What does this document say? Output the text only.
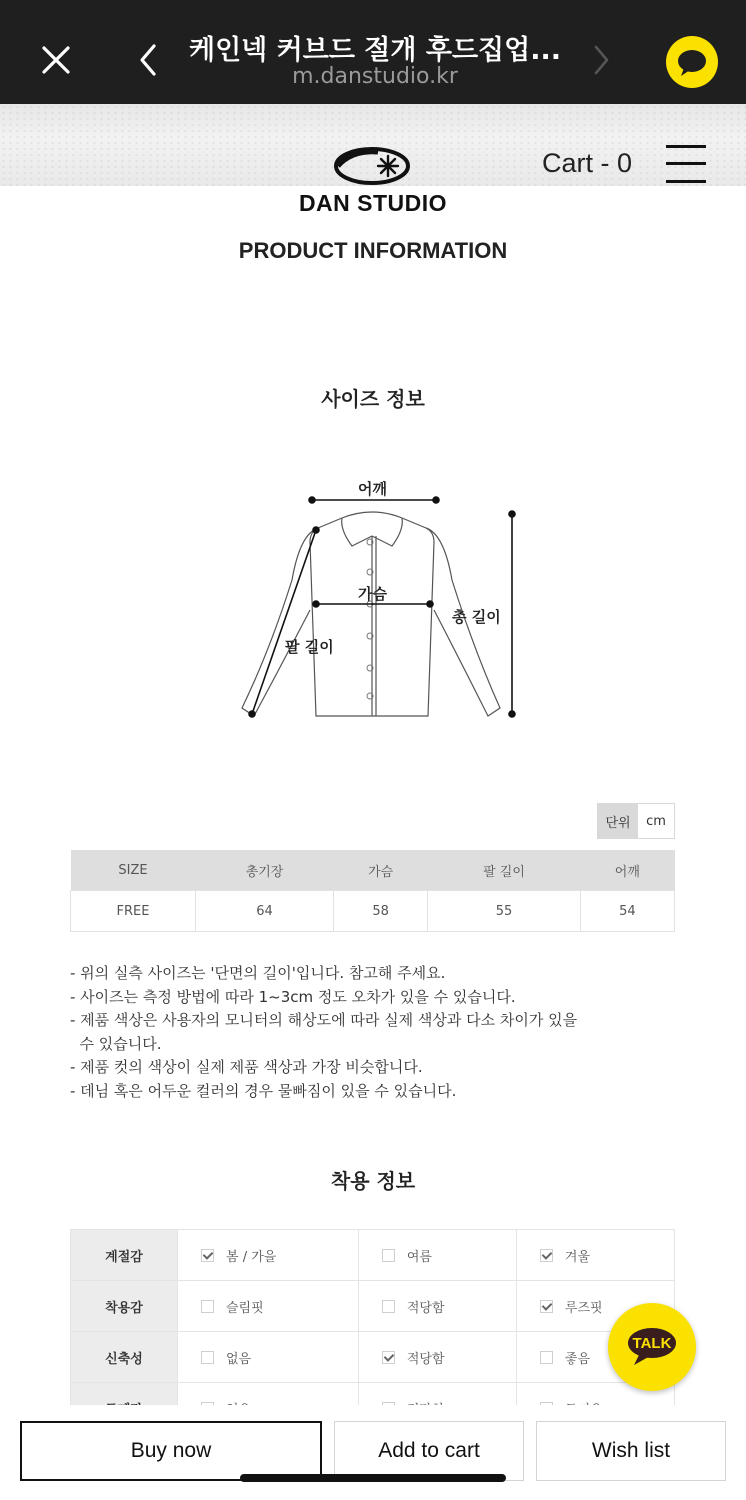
케인넥 커브드 절개 후드집업...
m.danstudio.kr
DAN STUDIO
Cart - 0
PRODUCT INFORMATION
사이즈 정보
어깨
가슴
총 길이
팔 길이
단위	cm
SIZE	총기장	가슴	팔 길이	어깨
FREE	64	58	55	54
- 위의 실측 사이즈는 '단면의 길이'입니다. 참고해 주세요.
- 사이즈는 측정 방법에 따라 1~3cm 정도 오차가 있을 수 있습니다.
- 제품 색상은 사용자의 모니터의 해상도에 따라 실제 색상과 다소 차이가 있을
수 있습니다.
- 제품 컷의 색상이 실제 제품 색상과 가장 비슷합니다.
- 데님 혹은 어두운 컬러의 경우 물빠짐이 있을 수 있습니다.
착용 정보
계절감	봄 / 가을	여름	겨울

착용감	슬림핏	적당함	루즈핏

신축성	없음	적당함	좋음

TALK
Buy now	Add to cart	Wish list
